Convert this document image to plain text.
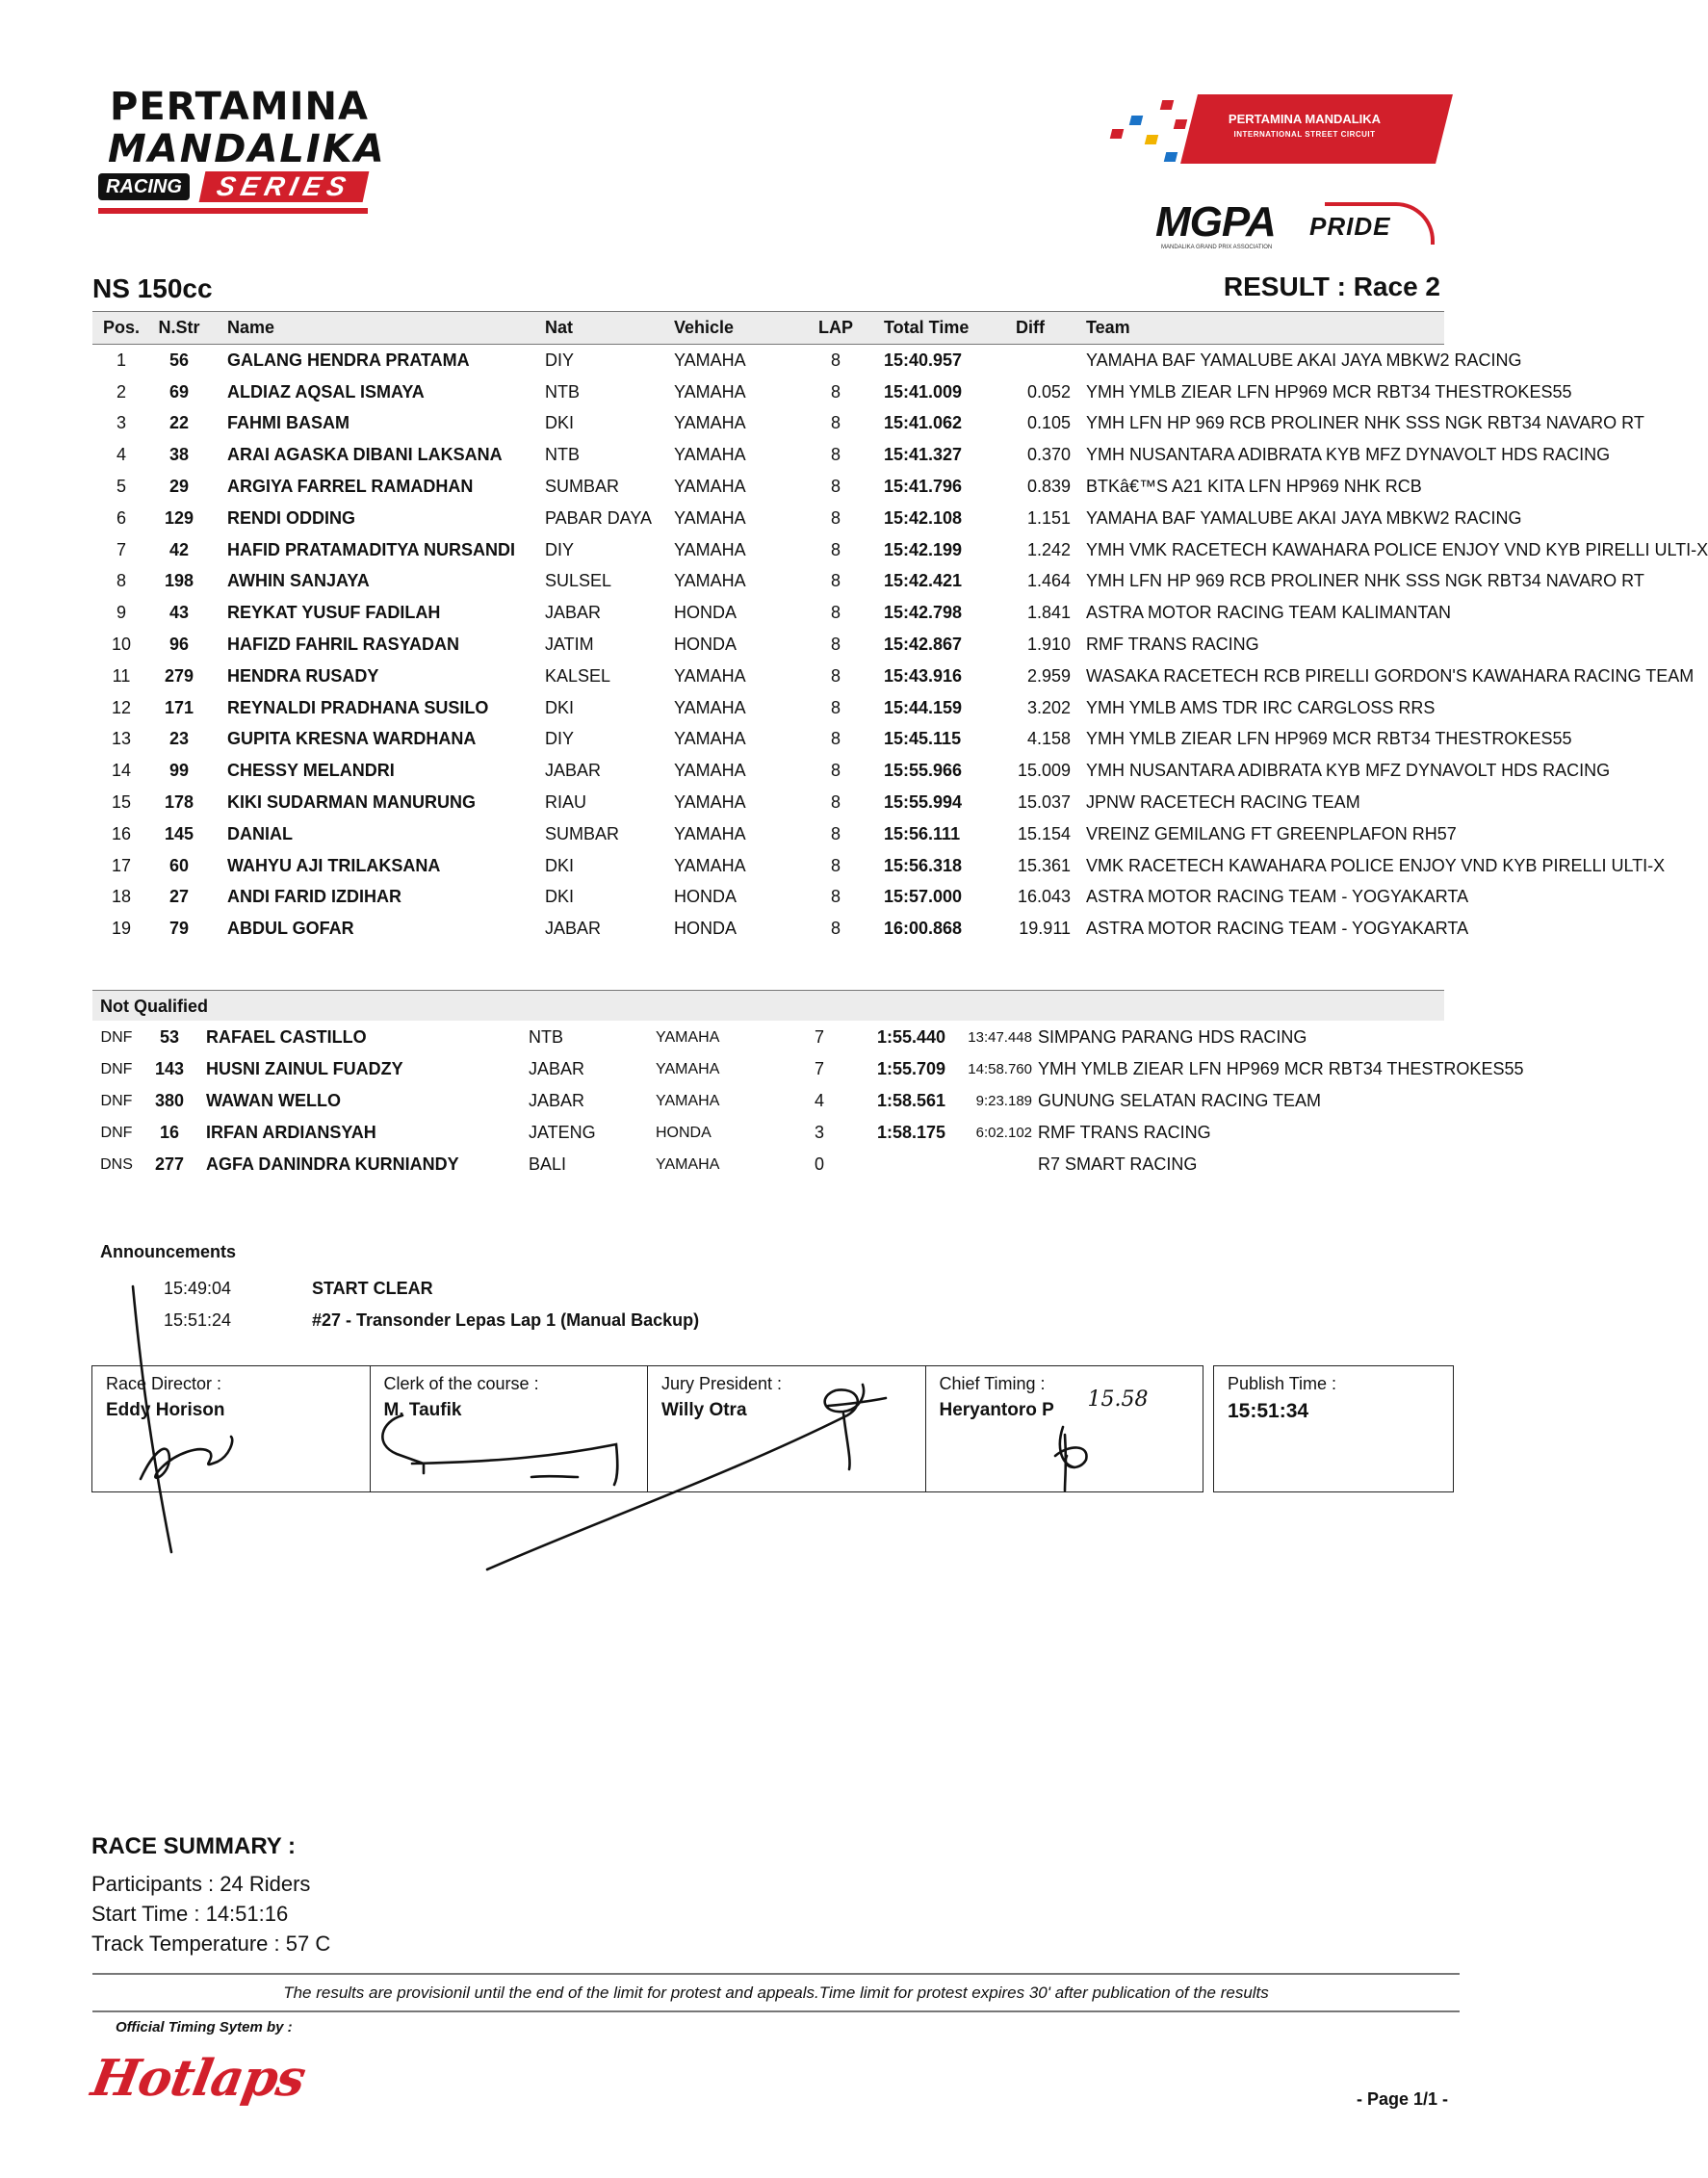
PERTAMINA
MANDALIKA
RACING	SERIES
PERTAMINA MANDALIKA
INTERNATIONAL STREET CIRCUIT
MGPA
MANDALIKA GRAND PRIX ASSOCIATION
PRIDE
NS 150cc	RESULT : Race 2
Pos.	N.Str	Name	Nat	Vehicle	LAP	Total Time	Diff	Team
1	56	GALANG HENDRA PRATAMA	DIY	YAMAHA	8	15:40.957		YAMAHA BAF YAMALUBE AKAI JAYA MBKW2 RACING
2	69	ALDIAZ AQSAL ISMAYA	NTB	YAMAHA	8	15:41.009	0.052	YMH YMLB ZIEAR LFN HP969 MCR RBT34 THESTROKES55
3	22	FAHMI BASAM	DKI	YAMAHA	8	15:41.062	0.105	YMH LFN HP 969 RCB PROLINER NHK SSS NGK RBT34 NAVARO RT
4	38	ARAI AGASKA DIBANI LAKSANA	NTB	YAMAHA	8	15:41.327	0.370	YMH NUSANTARA ADIBRATA KYB MFZ DYNAVOLT HDS RACING
5	29	ARGIYA FARREL RAMADHAN	SUMBAR	YAMAHA	8	15:41.796	0.839	BTKâ€™S A21 KITA LFN HP969 NHK RCB
6	129	RENDI ODDING	PABAR DAYA	YAMAHA	8	15:42.108	1.151	YAMAHA BAF YAMALUBE AKAI JAYA MBKW2 RACING
7	42	HAFID PRATAMADITYA NURSANDI	DIY	YAMAHA	8	15:42.199	1.242	YMH VMK RACETECH KAWAHARA POLICE ENJOY VND KYB PIRELLI ULTI-X
8	198	AWHIN SANJAYA	SULSEL	YAMAHA	8	15:42.421	1.464	YMH LFN HP 969 RCB PROLINER NHK SSS NGK RBT34 NAVARO RT
9	43	REYKAT YUSUF FADILAH	JABAR	HONDA	8	15:42.798	1.841	ASTRA MOTOR RACING TEAM KALIMANTAN
10	96	HAFIZD FAHRIL RASYADAN	JATIM	HONDA	8	15:42.867	1.910	RMF TRANS RACING
11	279	HENDRA RUSADY	KALSEL	YAMAHA	8	15:43.916	2.959	WASAKA RACETECH RCB PIRELLI GORDON'S KAWAHARA RACING TEAM
12	171	REYNALDI PRADHANA SUSILO	DKI	YAMAHA	8	15:44.159	3.202	YMH YMLB AMS TDR IRC CARGLOSS RRS
13	23	GUPITA KRESNA WARDHANA	DIY	YAMAHA	8	15:45.115	4.158	YMH YMLB ZIEAR LFN HP969 MCR RBT34 THESTROKES55
14	99	CHESSY MELANDRI	JABAR	YAMAHA	8	15:55.966	15.009	YMH NUSANTARA ADIBRATA KYB MFZ DYNAVOLT HDS RACING
15	178	KIKI SUDARMAN MANURUNG	RIAU	YAMAHA	8	15:55.994	15.037	JPNW RACETECH RACING TEAM
16	145	DANIAL	SUMBAR	YAMAHA	8	15:56.111	15.154	VREINZ GEMILANG FT GREENPLAFON RH57
17	60	WAHYU AJI TRILAKSANA	DKI	YAMAHA	8	15:56.318	15.361	VMK RACETECH KAWAHARA POLICE ENJOY VND KYB PIRELLI ULTI-X
18	27	ANDI FARID IZDIHAR	DKI	HONDA	8	15:57.000	16.043	ASTRA MOTOR RACING TEAM - YOGYAKARTA
19	79	ABDUL GOFAR	JABAR	HONDA	8	16:00.868	19.911	ASTRA MOTOR RACING TEAM - YOGYAKARTA
Not Qualified
DNF	53	RAFAEL CASTILLO	NTB	YAMAHA	7	1:55.440	13:47.448	SIMPANG PARANG HDS RACING
DNF	143	HUSNI ZAINUL FUADZY	JABAR	YAMAHA	7	1:55.709	14:58.760	YMH YMLB ZIEAR LFN HP969 MCR RBT34 THESTROKES55
DNF	380	WAWAN WELLO	JABAR	YAMAHA	4	1:58.561	9:23.189	GUNUNG SELATAN RACING TEAM
DNF	16	IRFAN ARDIANSYAH	JATENG	HONDA	3	1:58.175	6:02.102	RMF TRANS RACING
DNS	277	AGFA DANINDRA KURNIANDY	BALI	YAMAHA	0			R7 SMART RACING
Announcements
15:49:04	START CLEAR
15:51:24	#27 - Transonder Lepas Lap 1 (Manual Backup)
Race Director :
Eddy Horison
Clerk of the course :
M. Taufik
Jury President :
Willy Otra
Chief Timing :
Heryantoro P 15.58
Publish Time :
15:51:34
RACE SUMMARY :
Participants : 24 Riders
Start Time : 14:51:16
Track Temperature : 57 C
The results are provisionil until the end of the limit for protest and appeals.Time limit for protest expires 30' after publication of the results
Official Timing Sytem by :
Hotlaps	- Page 1/1 -
